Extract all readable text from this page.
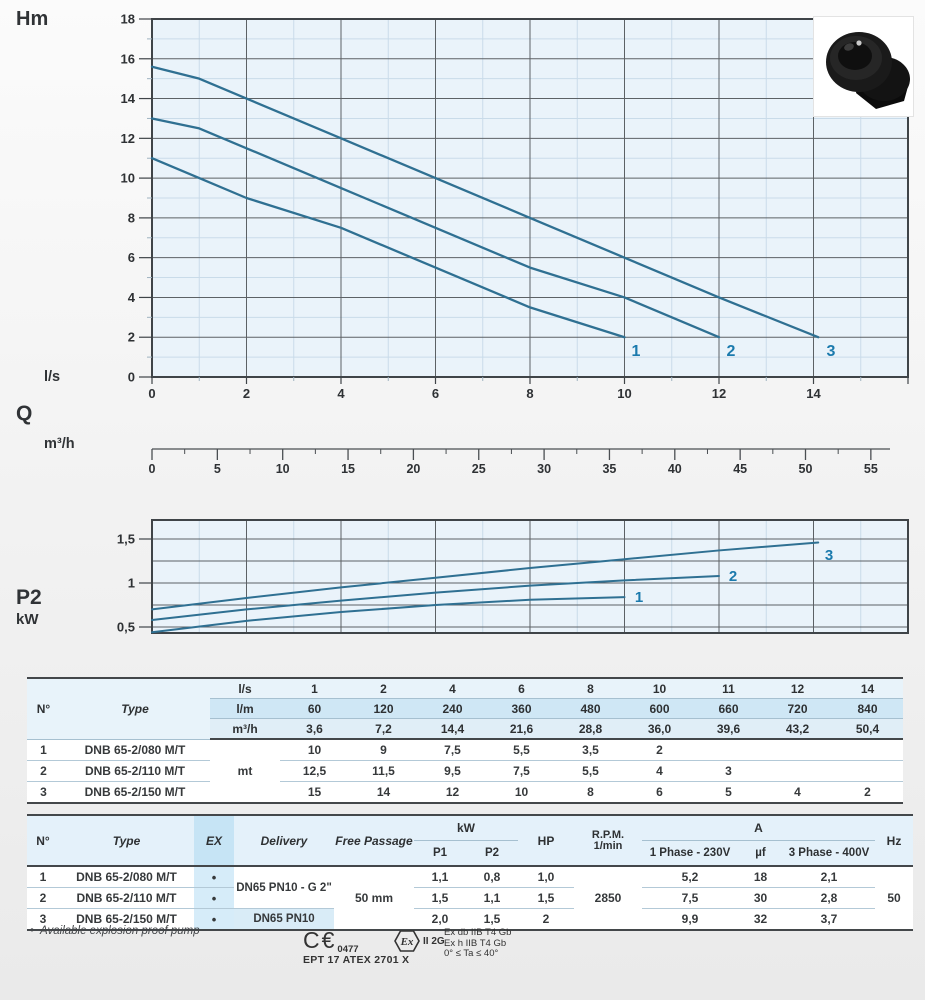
Hm
l/s
Q
m³/h
P2
kW
0
2
4
6
8
10
12
14
16
18
0	2	4	6	8	10	12	14
1	2	3
0	5	10	15	20	25	30	35	40	45	50	55
0,5
1
1,5
1
2
3
N°	Type	l/s	1	2	4	6	8	10	11	12	14
		l/m	60	120	240	360	480	600	660	720	840
		m³/h	3,6	7,2	14,4	21,6	28,8	36,0	39,6	43,2	50,4
1	DNB 65-2/080 M/T	mt	10	9	7,5	5,5	3,5	2			
2	DNB 65-2/110 M/T		12,5	11,5	9,5	7,5	5,5	4	3		
3	DNB 65-2/150 M/T		15	14	12	10	8	6	5	4	2
N°	Type	EX	Delivery	Free Passage	kW		HP	R.P.M.
1/min	A			Hz
					P1	P2			1 Phase - 230V	µf	3 Phase - 400V	
1	DNB 65-2/080 M/T	•	DN65 PN10 - G 2"	50 mm	1,1	0,8	1,0	2850	5,2	18	2,1	50
2	DNB 65-2/110 M/T	•			1,5	1,1	1,5		7,5	30	2,8	
3	DNB 65-2/150 M/T	•	DN65 PN10		2,0	1,5	2		9,9	32	3,7	
• Available explosion proof pump	$C€_{0477}$
EPT 17 ATEX 2701 X
Ex II 2G
Ex db IIB T4 Gb
Ex h IIB T4 Gb
0° ≤ Ta ≤ 40°
